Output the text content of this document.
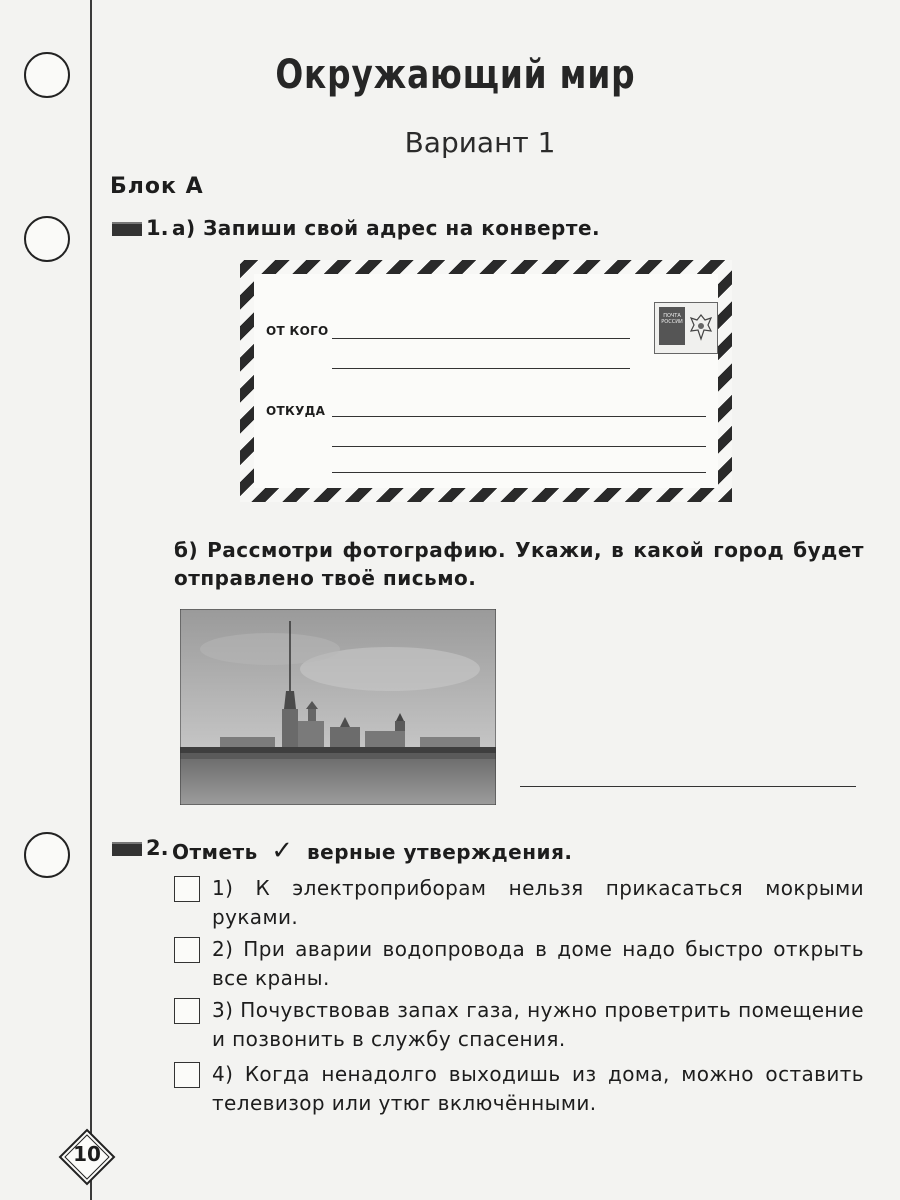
Окружающий мир
Вариант 1
Блок А
1. а) Запиши свой адрес на конверте.
ОТ КОГО
ОТКУДА
ПОЧТА РОССИИ
б) Рассмотри фотографию. Укажи, в какой город будет отправлено твоё письмо.
2. Отметь ✓ верные утверждения.
1) К электроприборам нельзя прикасаться мокрыми руками.
2) При аварии водопровода в доме надо быстро открыть все краны.
3) Почувствовав запах газа, нужно проветрить помещение и позвонить в службу спасения.
4) Когда ненадолго выходишь из дома, можно оставить телевизор или утюг включёнными.
10
